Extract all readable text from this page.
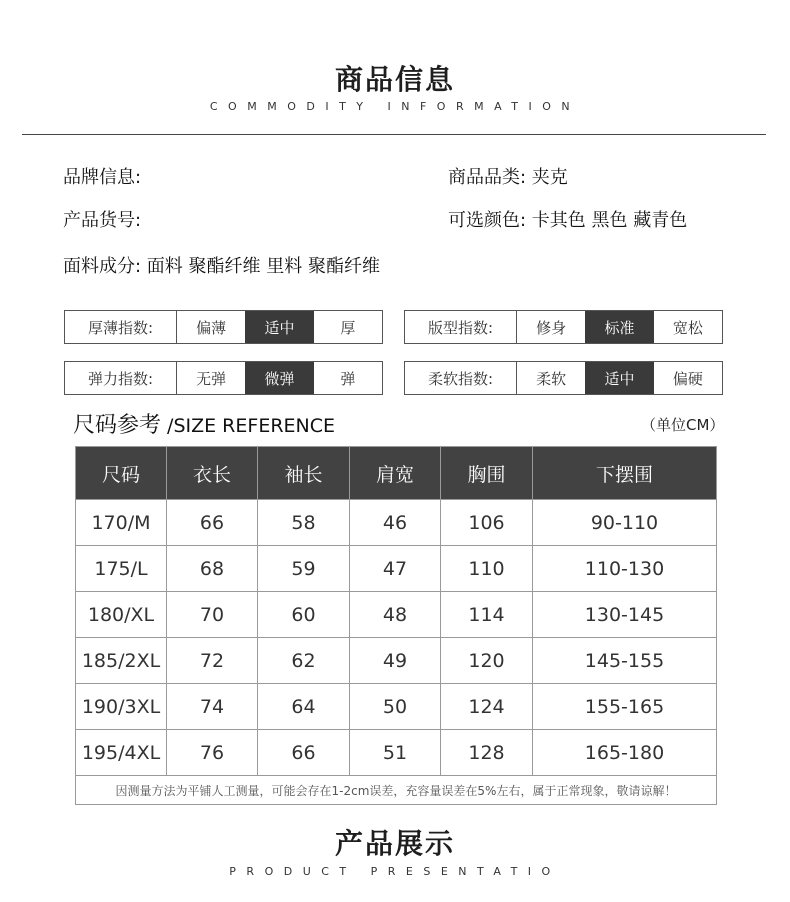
商品信息
COMMODITY INFORMATION
品牌信息:	商品品类: 夹克
产品货号:	可选颜色: 卡其色 黑色 藏青色
面料成分: 面料 聚酯纤维 里料 聚酯纤维
厚薄指数:	偏薄	适中	厚	版型指数:	修身	标准	宽松
弹力指数:	无弹	微弹	弹	柔软指数:	柔软	适中	偏硬
尺码参考 /SIZE REFERENCE	（单位CM）
尺码	衣长	袖长	肩宽	胸围	下摆围
170/M	66	58	46	106	90-110
175/L	68	59	47	110	110-130
180/XL	70	60	48	114	130-145
185/2XL	72	62	49	120	145-155
190/3XL	74	64	50	124	155-165
195/4XL	76	66	51	128	165-180
因测量方法为平铺人工测量，可能会存在1-2cm误差，充容量误差在5%左右，属于正常现象，敬请谅解！					
产品展示
PRODUCT PRESENTATIO
